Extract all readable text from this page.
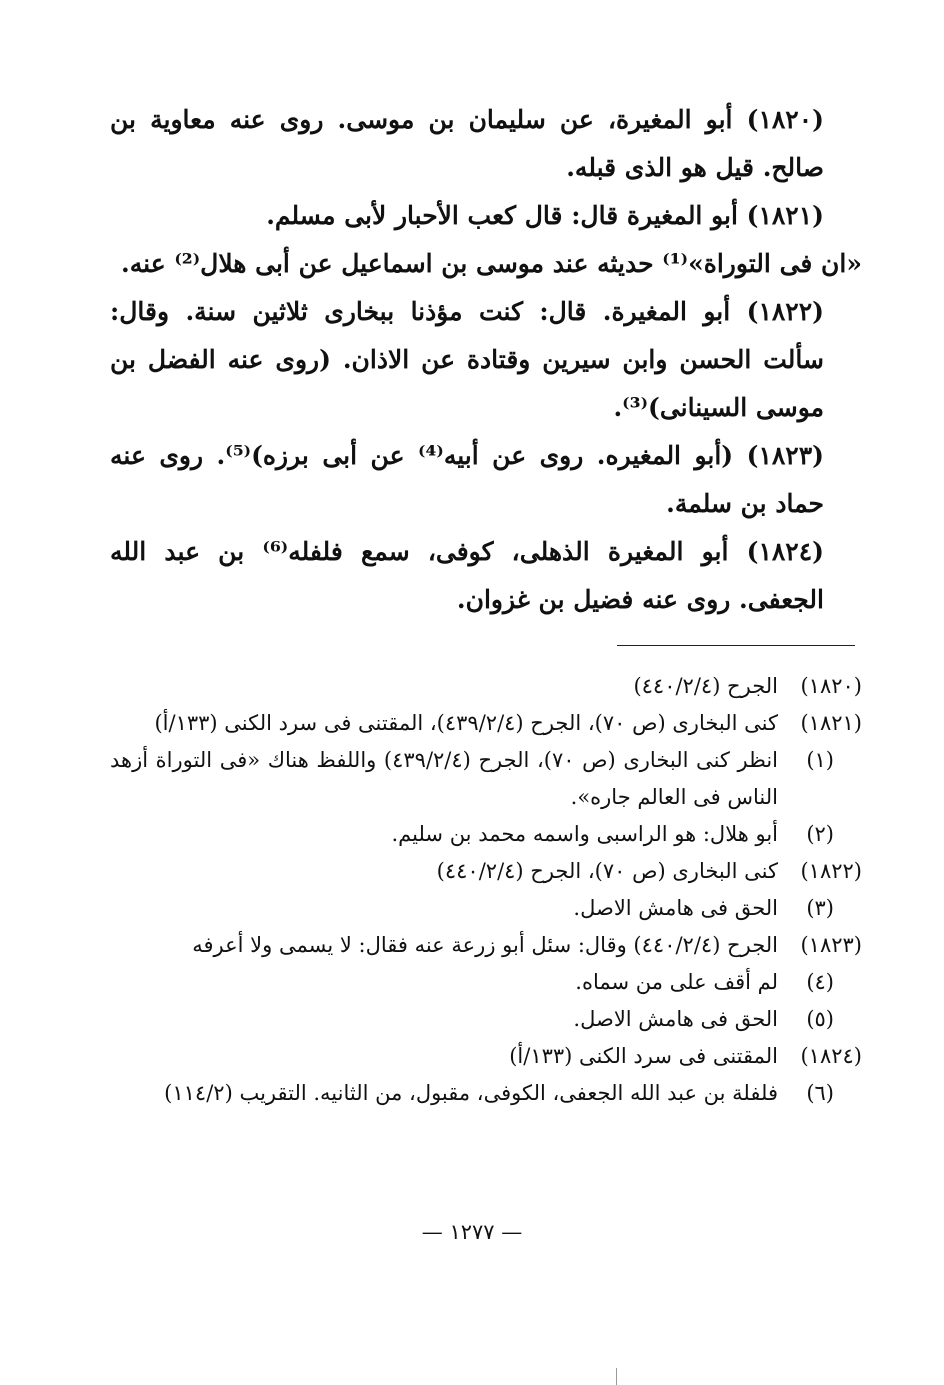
(١٨٢٠) أبو المغيرة، عن سليمان بن موسى. روى عنه معاوية بن صالح. قيل هو الذى قبله.

(١٨٢١) أبو المغيرة قال: قال كعب الأحبار لأبى مسلم.

«ان فى التوراة»⁽¹⁾ حديثه عند موسى بن اسماعيل عن أبى هلال⁽²⁾ عنه.

(١٨٢٢) أبو المغيرة. قال: كنت مؤذنا ببخارى ثلاثين سنة. وقال: سألت الحسن وابن سيرين وقتادة عن الاذان. (روى عنه الفضل بن موسى السينانى)⁽³⁾.

(١٨٢٣) (أبو المغيره. روى عن أبيه⁽⁴⁾ عن أبى برزه)⁽⁵⁾. روى عنه حماد بن سلمة.

(١٨٢٤) أبو المغيرة الذهلى، كوفى، سمع فلفله⁽⁶⁾ بن عبد الله الجعفى. روى عنه فضيل بن غزوان.

(١٨٢٠)
الجرح (٤٤٠/٢/٤)
(١٨٢١)
كنى البخارى (ص ٧٠)، الجرح (٤٣٩/٢/٤)، المقتنى فى سرد الكنى (١٣٣/أ)
(١)
انظر كنى البخارى (ص ٧٠)، الجرح (٤٣٩/٢/٤) واللفظ هناك «فى التوراة أزهد الناس فى العالم جاره».
(٢)
أبو هلال: هو الراسبى واسمه محمد بن سليم.
(١٨٢٢)
كنى البخارى (ص ٧٠)، الجرح (٤٤٠/٢/٤)
(٣)
الحق فى هامش الاصل.
(١٨٢٣)
الجرح (٤٤٠/٢/٤) وقال: سئل أبو زرعة عنه فقال: لا يسمى ولا أعرفه
(٤)
لم أقف على من سماه.
(٥)
الحق فى هامش الاصل.
(١٨٢٤)
المقتنى فى سرد الكنى (١٣٣/أ)
(٦)
فلفلة بن عبد الله الجعفى، الكوفى، مقبول، من الثانيه. التقريب (١١٤/٢)
— ١٢٧٧ —
